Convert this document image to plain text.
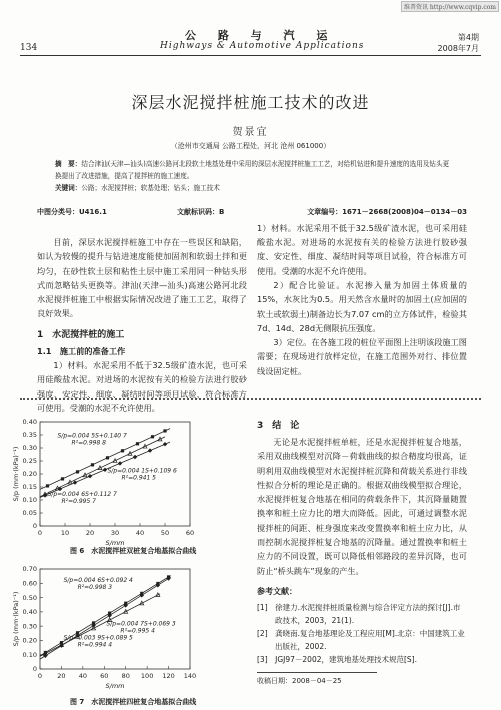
维普资讯 http://www.cqvip.com
134
公 路 与 汽 运
Highways & Automotive Applications
第4期
2008年7月
深层水泥搅拌桩施工技术的改进
贺景宜
（沧州市交通局 公路工程处，河北 沧州 061000）
摘　要：结合津汕(天津—汕头)高速公路河北段软土地基处理中采用的深层水泥搅拌桩施工工艺，对给机钻进和提升速度的选用及钻头更换提出了改进措施，提高了搅拌桩的施工速度。
关键词：公路；水泥搅拌桩；软基处理；钻头；施工技术
中图分类号：U416.1	文献标识码：B	文章编号：1671－2668(2008)04－0134－03

目前，深层水泥搅拌桩施工中存在一些误区和缺陷，如认为较慢的提升与钻进速度能使加固剂和软弱土拌和更均匀，在砂性软土层和粘性土层中施工采用同一种钻头形式而忽略钻头更换等。津汕(天津—汕头)高速公路河北段水泥搅拌桩施工中根据实际情况改进了施工工艺，取得了良好效果。

1　水泥搅拌桩的施工
1.1　施工前的准备工作

1）材料。水泥采用不低于32.5级矿渣水泥，也可采用硅酸盐水泥。对进场的水泥按有关的检验方法进行胶砂强度、安定性、细度、凝结时间等项目试验，符合标准方可使用。受潮的水泥不允许使用。

1）材料。水泥采用不低于32.5级矿渣水泥，也可采用硅酸盐水泥。对进场的水泥按有关的检验方法进行胶砂强度、安定性、细度、凝结时间等项目试验，符合标准方可使用。受潮的水泥不允许使用。

2）配合比验证。水泥掺入量为加固土体质量的15%，水灰比为0.5。用天然含水量时的加固土(应加固的软土或软弱土)制备边长为7.07 cm的立方体试件，检验其7d、14d、28d无侧限抗压强度。

3）定位。在各施工段的桩位平面图上注明该段施工图需要；在现场进行放样定位，在施工范围外对行、排位置线设固定桩。

0	10	20	30	40	50	60
0
0.05
0.10
0.15
0.20
0.25
0.30
0.35
0.40
S/mm
S/p (mm·(kPa)⁻¹)
S/p=0.004 5S+0.140 7
R²=0.998 8
S/p=0.004 1S+0.109 6
R²=0.941 5
S/p=0.004 6S+0.112 7
R²=0.995 7
图 6　水泥搅拌桩双桩复合地基拟合曲线
0 20 40 60 80 100 120 140
0
0.10
0.20
0.30
0.40
0.50
0.60
0.70
S/mm
S/p (mm·(kPa)⁻¹)
S/p=0.004 6S+0.092 4
R²=0.998 3
S/p=0.004 7S+0.069 3
R²=0.995 4
S/p=0.003 9S+0.089 5
R²=0.994 4
图 7　水泥搅拌桩四桩复合地基拟合曲线
3　结　论

无论是水泥搅拌桩单桩，还是水泥搅拌桩复合地基，采用双曲线模型对沉降－荷载曲线的拟合精度均很高，证明利用双曲线模型对水泥搅拌桩沉降和荷载关系进行非线性拟合分析的理论是正确的。根据双曲线模型拟合理论，水泥搅拌桩复合地基在相同的荷载条件下，其沉降量随置换率和桩土应力比的增大而降低。因此，可通过调整水泥搅拌桩的间距、桩身强度来改变置换率和桩土应力比，从而控制水泥搅拌桩复合地基的沉降量。通过置换率和桩土应力的不同设置，既可以降低相邻路段的差异沉降，也可防止“桥头跳车”现象的产生。

参考文献：

[1]　徐建力.水泥搅拌桩质量检测与综合评定方法的探讨[J].市政技术，2003，21(1).

[2]　龚晓南.复合地基理论及工程应用[M].北京：中国建筑工业出版社，2002.

[3]　JGJ97－2002，建筑地基处理技术规范[S].

收稿日期：2008－04－25
